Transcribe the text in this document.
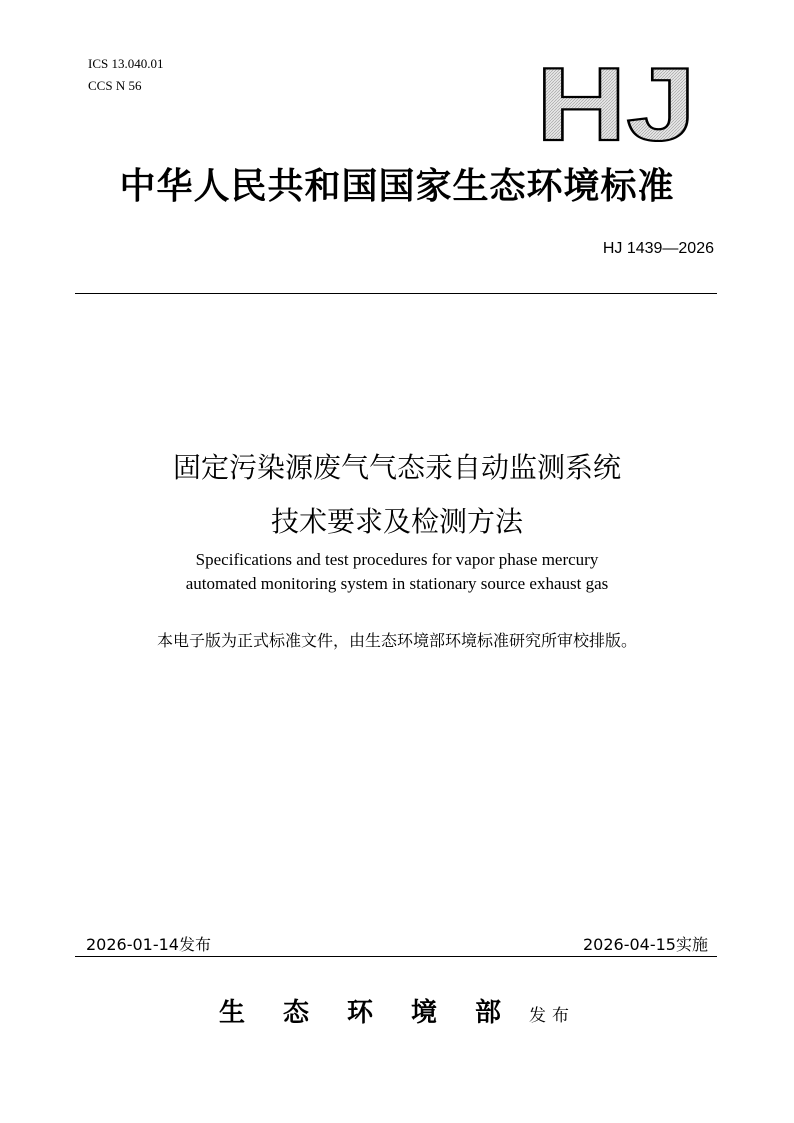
ICS 13.040.01
CCS N 56	HJ
中华人民共和国国家生态环境标准
HJ 1439—2026
固定污染源废气气态汞自动监测系统
技术要求及检测方法
Specifications and test procedures for vapor phase mercury
automated monitoring system in stationary source exhaust gas
本电子版为正式标准文件，由生态环境部环境标准研究所审校排版。
2026-01-14发布	2026-04-15实施
生态环境部发布
